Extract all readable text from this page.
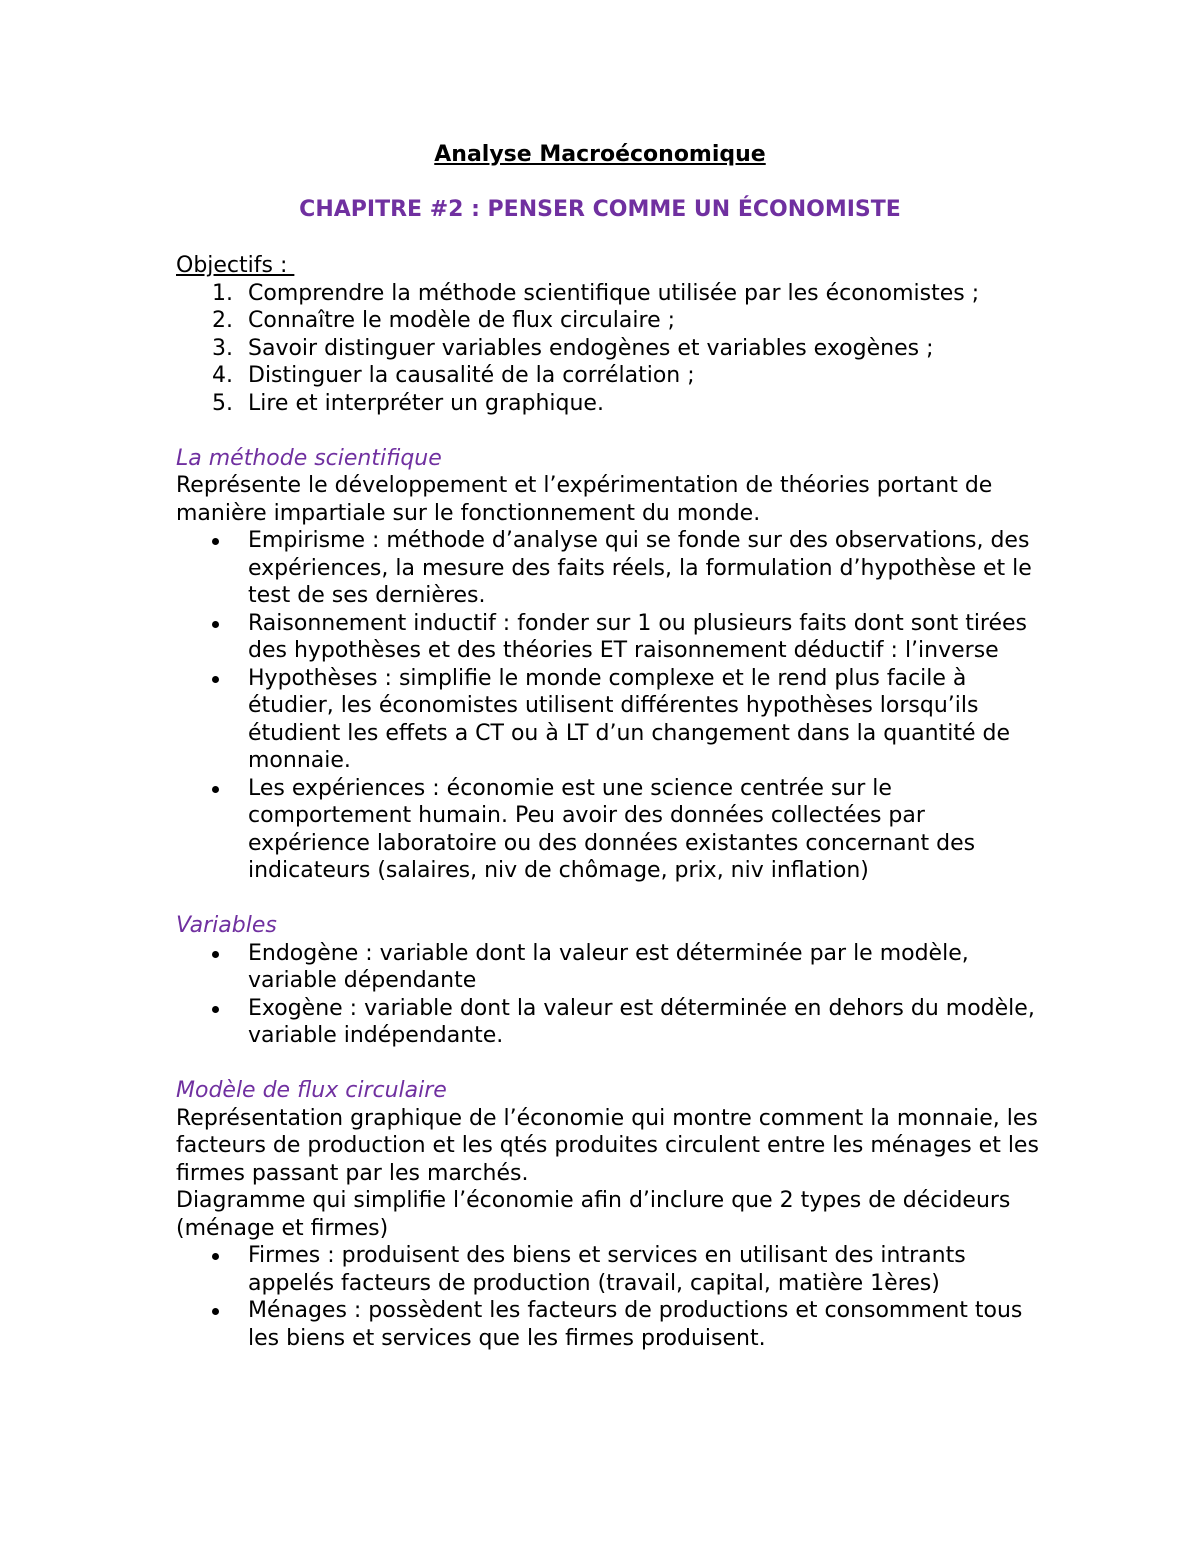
Analyse Macroéconomique
CHAPITRE #2 : PENSER COMME UN ÉCONOMISTE
Objectifs :
1. Comprendre la méthode scientifique utilisée par les économistes ;
2. Connaître le modèle de flux circulaire ;
3. Savoir distinguer variables endogènes et variables exogènes ;
4. Distinguer la causalité de la corrélation ;
5. Lire et interpréter un graphique.
La méthode scientifique
Représente le développement et l’expérimentation de théories portant de manière impartiale sur le fonctionnement du monde.
Empirisme : méthode d’analyse qui se fonde sur des observations, des expériences, la mesure des faits réels, la formulation d’hypothèse et le test de ses dernières.
Raisonnement inductif : fonder sur 1 ou plusieurs faits dont sont tirées des hypothèses et des théories ET raisonnement déductif : l’inverse
Hypothèses : simplifie le monde complexe et le rend plus facile à étudier, les économistes utilisent différentes hypothèses lorsqu’ils étudient les effets a CT ou à LT d’un changement dans la quantité de monnaie.
Les expériences : économie est une science centrée sur le comportement humain. Peu avoir des données collectées par expérience laboratoire ou des données existantes concernant des indicateurs (salaires, niv de chômage, prix, niv inflation)
Variables
Endogène : variable dont la valeur est déterminée par le modèle, variable dépendante
Exogène : variable dont la valeur est déterminée en dehors du modèle, variable indépendante.
Modèle de flux circulaire
Représentation graphique de l’économie qui montre comment la monnaie, les facteurs de production et les qtés produites circulent entre les ménages et les firmes passant par les marchés.
Diagramme qui simplifie l’économie afin d’inclure que 2 types de décideurs (ménage et firmes)
Firmes : produisent des biens et services en utilisant des intrants appelés facteurs de production (travail, capital, matière 1ères)
Ménages : possèdent les facteurs de productions et consomment tous les biens et services que les firmes produisent.
